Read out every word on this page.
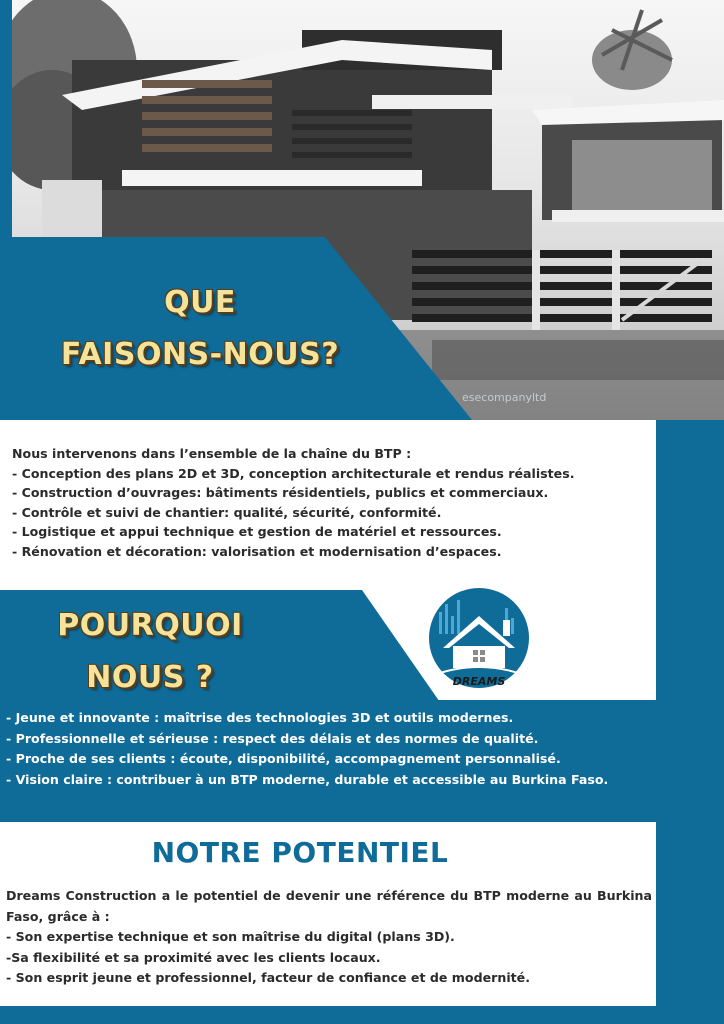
esecompanyltd
QUE
FAISONS-NOUS?
Nous intervenons dans l’ensemble de la chaîne du BTP :
- Conception des plans 2D et 3D, conception architecturale et rendus réalistes.
- Construction d’ouvrages: bâtiments résidentiels, publics et commerciaux.
- Contrôle et suivi de chantier: qualité, sécurité, conformité.
- Logistique et appui technique et gestion de matériel et ressources.
- Rénovation et décoration: valorisation et modernisation d’espaces.
POURQUOI
NOUS ?	DREAMS
- Jeune et innovante : maîtrise des technologies 3D et outils modernes.
- Professionnelle et sérieuse : respect des délais et des normes de qualité.
- Proche de ses clients : écoute, disponibilité, accompagnement personnalisé.
- Vision claire : contribuer à un BTP moderne, durable et accessible au Burkina Faso.
NOTRE POTENTIEL
Dreams Construction a le potentiel de devenir une référence du BTP moderne au Burkina Faso, grâce à :
- Son expertise technique et son maîtrise du digital (plans 3D).
-Sa flexibilité et sa proximité avec les clients locaux.
- Son esprit jeune et professionnel, facteur de confiance et de modernité.
